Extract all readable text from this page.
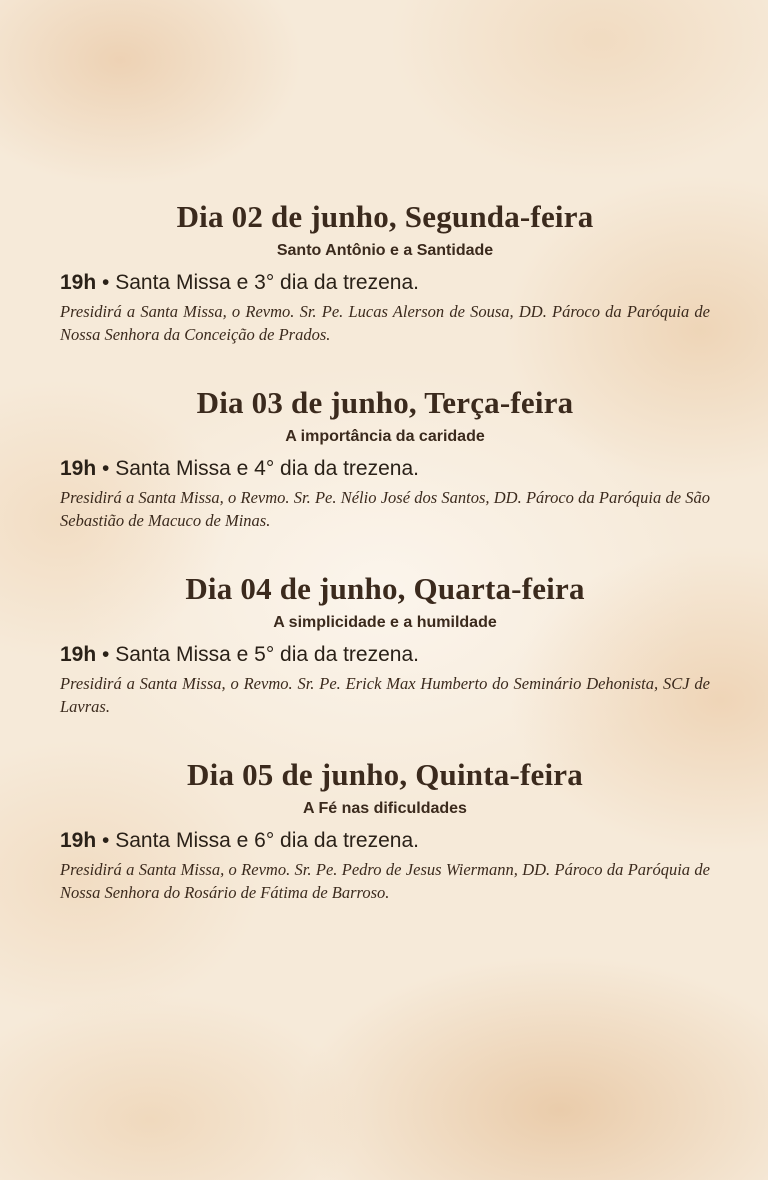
Dia 02 de junho, Segunda-feira
Santo Antônio e a Santidade

19h • Santa Missa e 3° dia da trezena.

Presidirá a Santa Missa, o Revmo. Sr. Pe. Lucas Alerson de Sousa, DD. Pároco da Paróquia de Nossa Senhora da Conceição de Prados.

Dia 03 de junho, Terça-feira
A importância da caridade

19h • Santa Missa e 4° dia da trezena.

Presidirá a Santa Missa, o Revmo. Sr. Pe. Nélio José dos Santos, DD. Pároco da Paróquia de São Sebastião de Macuco de Minas.

Dia 04 de junho, Quarta-feira
A simplicidade e a humildade

19h • Santa Missa e 5° dia da trezena.

Presidirá a Santa Missa, o Revmo. Sr. Pe. Erick Max Humberto do Seminário Dehonista, SCJ de Lavras.

Dia 05 de junho, Quinta-feira
A Fé nas dificuldades

19h • Santa Missa e 6° dia da trezena.

Presidirá a Santa Missa, o Revmo. Sr. Pe. Pedro de Jesus Wiermann, DD. Pároco da Paróquia de Nossa Senhora do Rosário de Fátima de Barroso.
